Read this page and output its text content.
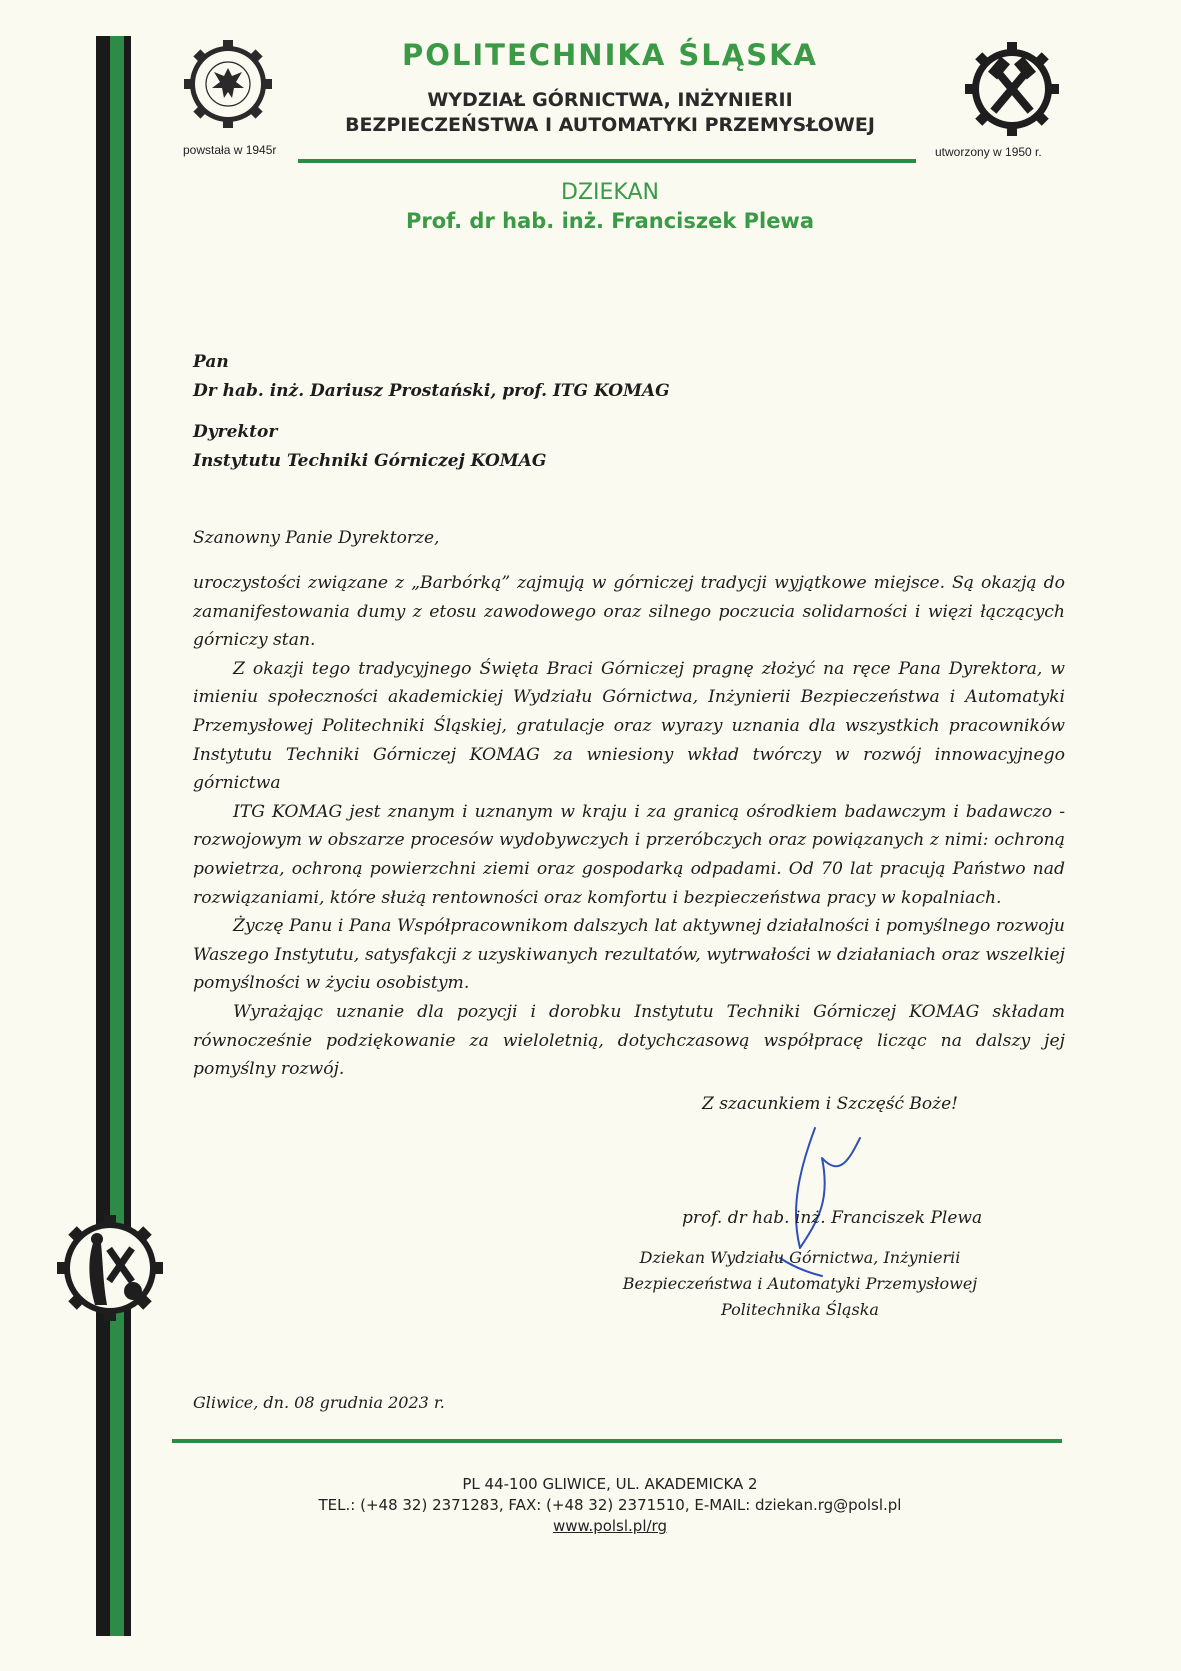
powstała w 1945r	utworzony w 1950 r.
POLITECHNIKA ŚLĄSKA
WYDZIAŁ GÓRNICTWA, INŻYNIERII
BEZPIECZEŃSTWA I AUTOMATYKI PRZEMYSŁOWEJ
DZIEKAN
Prof. dr hab. inż. Franciszek Plewa
Pan
Dr hab. inż. Dariusz Prostański, prof. ITG KOMAG
Dyrektor
Instytutu Techniki Górniczej KOMAG
Szanowny Panie Dyrektorze,

uroczystości związane z „Barbórką” zajmują w górniczej tradycji wyjątkowe miejsce. Są okazją do zamanifestowania dumy z etosu zawodowego oraz silnego poczucia solidarności i więzi łączących górniczy stan.

Z okazji tego tradycyjnego Święta Braci Górniczej pragnę złożyć na ręce Pana Dyrektora, w imieniu społeczności akademickiej Wydziału Górnictwa, Inżynierii Bezpieczeństwa i Automatyki Przemysłowej Politechniki Śląskiej, gratulacje oraz wyrazy uznania dla wszystkich pracowników Instytutu Techniki Górniczej KOMAG za wniesiony wkład twórczy w rozwój innowacyjnego górnictwa

ITG KOMAG jest znanym i uznanym w kraju i za granicą ośrodkiem badawczym i badawczo -rozwojowym w obszarze procesów wydobywczych i przeróbczych oraz powiązanych z nimi: ochroną powietrza, ochroną powierzchni ziemi oraz gospodarką odpadami. Od 70 lat pracują Państwo nad rozwiązaniami, które służą rentowności oraz komfortu i bezpieczeństwa pracy w kopalniach.

Życzę Panu i Pana Współpracownikom dalszych lat aktywnej działalności i pomyślnego rozwoju Waszego Instytutu, satysfakcji z uzyskiwanych rezultatów, wytrwałości w działaniach oraz wszelkiej pomyślności w życiu osobistym.

Wyrażając uznanie dla pozycji i dorobku Instytutu Techniki Górniczej KOMAG składam równocześnie podziękowanie za wieloletnią, dotychczasową współpracę licząc na dalszy jej pomyślny rozwój.

Z szacunkiem i Szczęść Boże!
prof. dr hab. inż. Franciszek Plewa
Dziekan Wydziału Górnictwa, Inżynierii
Bezpieczeństwa i Automatyki Przemysłowej
Politechnika Śląska
Gliwice, dn. 08 grudnia 2023 r.
PL 44-100 GLIWICE, UL. AKADEMICKA 2
TEL.: (+48 32) 2371283, FAX: (+48 32) 2371510, E-MAIL: dziekan.rg@polsl.pl
www.polsl.pl/rg
